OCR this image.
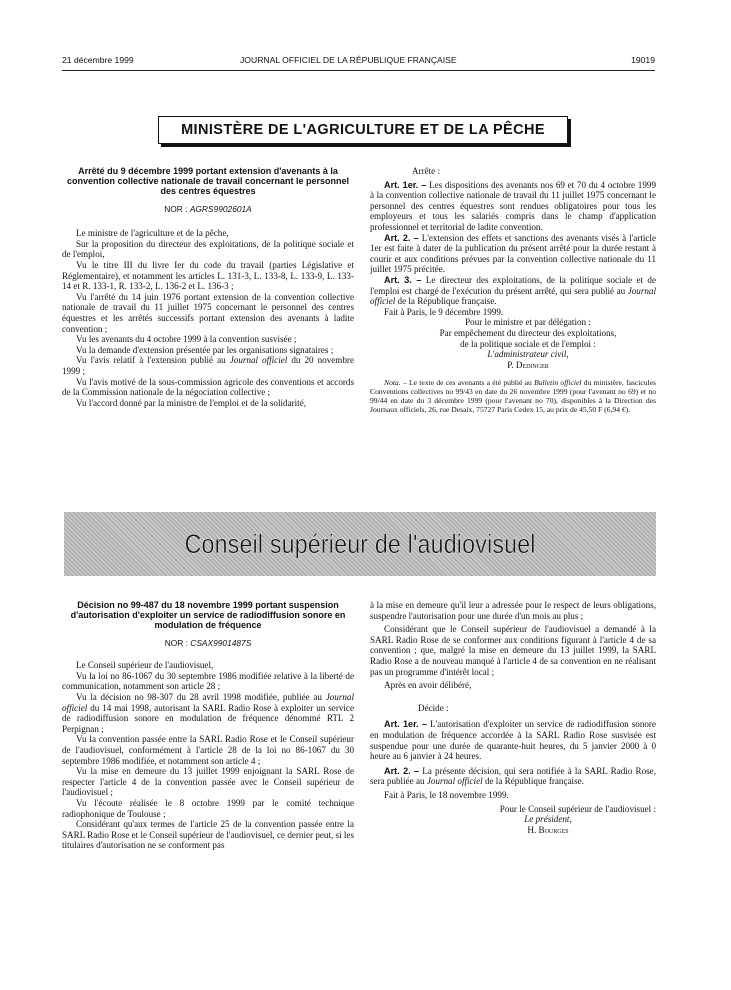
21 décembre 1999	JOURNAL OFFICIEL DE LA RÉPUBLIQUE FRANÇAISE	19019
MINISTÈRE DE L'AGRICULTURE ET DE LA PÊCHE
Arrêté du 9 décembre 1999 portant extension d'avenants à la convention collective nationale de travail concernant le personnel des centres équestres
NOR : AGRS9902601A

Le ministre de l'agriculture et de la pêche,

Sur la proposition du directeur des exploitations, de la politique sociale et de l'emploi,

Vu le titre III du livre Ier du code du travail (parties Législative et Réglementaire), et notamment les articles L. 131-3, L. 133-8, L. 133-9, L. 133-14 et R. 133-1, R. 133-2, L. 136-2 et L. 136-3 ;

Vu l'arrêté du 14 juin 1976 portant extension de la convention collective nationale de travail du 11 juillet 1975 concernant le personnel des centres équestres et les arrêtés successifs portant extension des avenants à ladite convention ;

Vu les avenants du 4 octobre 1999 à la convention susvisée ;

Vu la demande d'extension présentée par les organisations signataires ;

Vu l'avis relatif à l'extension publié au Journal officiel du 20 novembre 1999 ;

Vu l'avis motivé de la sous-commission agricole des conventions et accords de la Commission nationale de la négociation collective ;

Vu l'accord donné par la ministre de l'emploi et de la solidarité,

Arrête :

Art. 1er. – Les dispositions des avenants nos 69 et 70 du 4 octobre 1999 à la convention collective nationale de travail du 11 juillet 1975 concernant le personnel des centres équestres sont rendues obligatoires pour tous les employeurs et tous les salariés compris dans le champ d'application professionnel et territorial de ladite convention.

Art. 2. – L'extension des effets et sanctions des avenants visés à l'article 1er est faite à dater de la publication du présent arrêté pour la durée restant à courir et aux conditions prévues par la convention collective nationale du 11 juillet 1975 précitée.

Art. 3. – Le directeur des exploitations, de la politique sociale et de l'emploi est chargé de l'exécution du présent arrêté, qui sera publié au Journal officiel de la République française.

Fait à Paris, le 9 décembre 1999.

Pour le ministre et par délégation :

Par empêchement du directeur des exploitations,

de la politique sociale et de l'emploi :

L'administrateur civil,

P. Dedinger

Nota. – Le texte de ces avenants a été publié au Bulletin officiel du ministère, fascicules Conventions collectives no 99/43 en date du 26 novembre 1999 (pour l'avenant no 69) et no 99/44 en date du 3 décembre 1999 (pour l'avenant no 70), disponibles à la Direction des Journaux officiels, 26, rue Desaix, 75727 Paris Cedex 15, au prix de 45,50 F (6,94 €).

Conseil supérieur de l'audiovisuel
Décision no 99-487 du 18 novembre 1999 portant suspension d'autorisation d'exploiter un service de radiodiffusion sonore en modulation de fréquence
NOR : CSAX9901487S

Le Conseil supérieur de l'audiovisuel,

Vu la loi no 86-1067 du 30 septembre 1986 modifiée relative à la liberté de communication, notamment son article 28 ;

Vu la décision no 98-307 du 28 avril 1998 modifiée, publiée au Journal officiel du 14 mai 1998, autorisant la SARL Radio Rose à exploiter un service de radiodiffusion sonore en modulation de fréquence dénommé RTL 2 Perpignan ;

Vu la convention passée entre la SARL Radio Rose et le Conseil supérieur de l'audiovisuel, conformément à l'article 28 de la loi no 86-1067 du 30 septembre 1986 modifiée, et notamment son article 4 ;

Vu la mise en demeure du 13 juillet 1999 enjoignant la SARL Rose de respecter l'article 4 de la convention passée avec le Conseil supérieur de l'audiovisuel ;

Vu l'écoute réalisée le 8 octobre 1999 par le comité technique radiophonique de Toulouse ;

Considérant qu'aux termes de l'article 25 de la convention passée entre la SARL Radio Rose et le Conseil supérieur de l'audiovisuel, ce dernier peut, si les titulaires d'autorisation ne se conforment pas

à la mise en demeure qu'il leur a adressée pour le respect de leurs obligations, suspendre l'autorisation pour une durée d'un mois au plus ;

Considérant que le Conseil supérieur de l'audiovisuel a demandé à la SARL Radio Rose de se conformer aux conditions figurant à l'article 4 de sa convention ; que, malgré la mise en demeure du 13 juillet 1999, la SARL Radio Rose a de nouveau manqué à l'article 4 de sa convention en ne réalisant pas un programme d'intérêt local ;

Après en avoir délibéré,

Décide :

Art. 1er. – L'autorisation d'exploiter un service de radiodiffusion sonore en modulation de fréquence accordée à la SARL Radio Rose susvisée est suspendue pour une durée de quarante-huit heures, du 5 janvier 2000 à 0 heure au 6 janvier à 24 heures.

Art. 2. – La présente décision, qui sera notifiée à la SARL Radio Rose, sera publiée au Journal officiel de la République française.

Fait à Paris, le 18 novembre 1999.

Pour le Conseil supérieur de l'audiovisuel :

Le président,

H. Bourges
